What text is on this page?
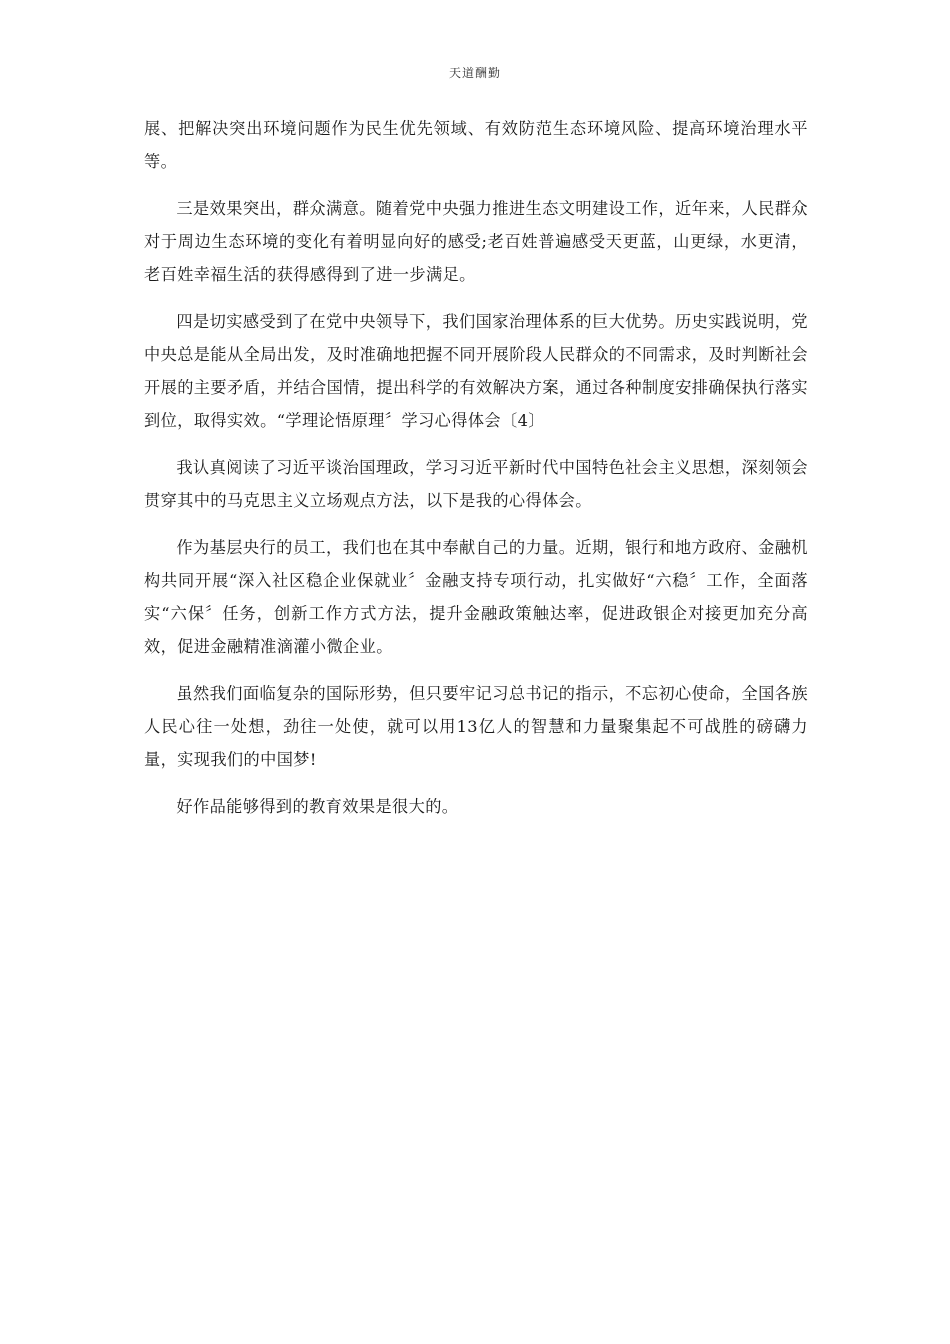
天道酬勤

展、把解决突出环境问题作为民生优先领域、有效防范生态环境风险、提高环境治理水平等。

三是效果突出，群众满意。随着党中央强力推进生态文明建设工作，近年来，人民群众对于周边生态环境的变化有着明显向好的感受;老百姓普遍感受天更蓝，山更绿，水更清，老百姓幸福生活的获得感得到了进一步满足。

四是切实感受到了在党中央领导下，我们国家治理体系的巨大优势。历史实践说明，党中央总是能从全局出发，及时准确地把握不同开展阶段人民群众的不同需求，及时判断社会开展的主要矛盾，并结合国情，提出科学的有效解决方案，通过各种制度安排确保执行落实到位，取得实效。“学理论悟原理〞学习心得体会〔4〕

我认真阅读了习近平谈治国理政，学习习近平新时代中国特色社会主义思想，深刻领会贯穿其中的马克思主义立场观点方法，以下是我的心得体会。

作为基层央行的员工，我们也在其中奉献自己的力量。近期，银行和地方政府、金融机构共同开展“深入社区稳企业保就业〞金融支持专项行动，扎实做好“六稳〞工作，全面落实“六保〞任务，创新工作方式方法，提升金融政策触达率，促进政银企对接更加充分高效，促进金融精准滴灌小微企业。

虽然我们面临复杂的国际形势，但只要牢记习总书记的指示，不忘初心使命，全国各族人民心往一处想，劲往一处使，就可以用13亿人的智慧和力量聚集起不可战胜的磅礴力量，实现我们的中国梦!

好作品能够得到的教育效果是很大的。
